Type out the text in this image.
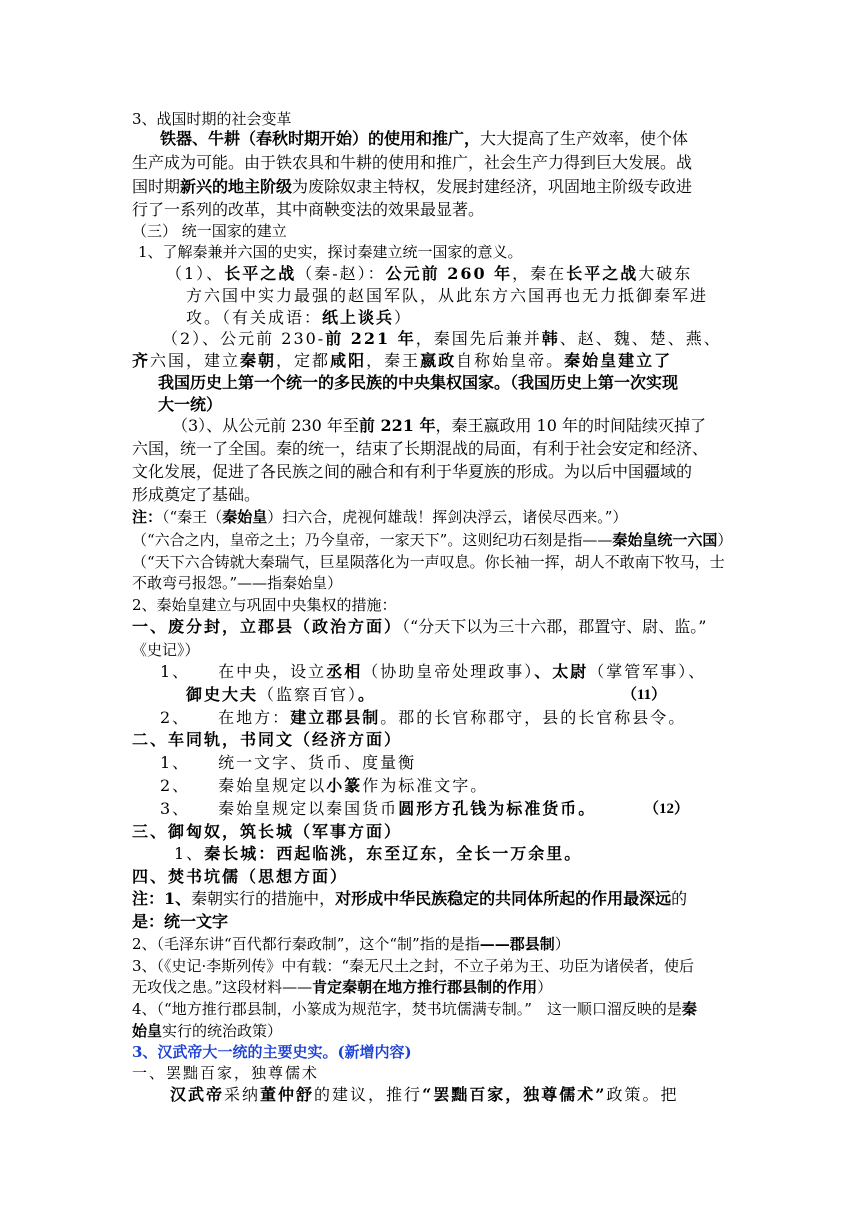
3、战国时期的社会变革
铁器、牛耕（春秋时期开始）的使用和推广，大大提高了生产效率，使个体
生产成为可能。由于铁农具和牛耕的使用和推广，社会生产力得到巨大发展。战
国时期新兴的地主阶级为废除奴隶主特权，发展封建经济，巩固地主阶级专政进
行了一系列的改革，其中商鞅变法的效果最显著。
（三） 统一国家的建立
1、了解秦兼并六国的史实，探讨秦建立统一国家的意义。
（1）、长平之战（秦-赵）：公元前 260 年，秦在长平之战大破东
方六国中实力最强的赵国军队，从此东方六国再也无力抵御秦军进
攻。（有关成语：纸上谈兵）
（2）、公元前 230-前 221 年，秦国先后兼并韩、赵、魏、楚、燕、
齐六国，建立秦朝，定都咸阳，秦王嬴政自称始皇帝。秦始皇建立了
我国历史上第一个统一的多民族的中央集权国家。（我国历史上第一次实现
大一统）
（3）、从公元前 230 年至前 221 年，秦王嬴政用 10 年的时间陆续灭掉了
六国，统一了全国。秦的统一，结束了长期混战的局面，有利于社会安定和经济、
文化发展，促进了各民族之间的融合和有利于华夏族的形成。为以后中国疆域的
形成奠定了基础。
注：（“秦王（秦始皇）扫六合，虎视何雄哉！挥剑决浮云，诸侯尽西来。”）
（“六合之内，皇帝之土；乃今皇帝，一家天下”。这则纪功石刻是指——秦始皇统一六国）
（“天下六合铸就大秦瑞气，巨星陨落化为一声叹息。你长袖一挥，胡人不敢南下牧马，士
不敢弯弓报怨。”——指秦始皇）
2、秦始皇建立与巩固中央集权的措施：
一、废分封，立郡县（政治方面）（“分天下以为三十六郡，郡置守、尉、监。”
《史记》）
1、　　在中央，设立丞相（协助皇帝处理政事）、太尉（掌管军事）、
御史大夫（监察百官）。	（11）
2、　　在地方：建立郡县制。郡的长官称郡守，县的长官称县令。
二、车同轨，书同文（经济方面）
1、　　统一文字、货币、度量衡
2、　　秦始皇规定以小篆作为标准文字。
3、　　秦始皇规定以秦国货币圆形方孔钱为标准货币。	（12）
三、御匈奴，筑长城（军事方面）
1、秦长城：西起临洮，东至辽东，全长一万余里。
四、焚书坑儒（思想方面）
注：1、秦朝实行的措施中，对形成中华民族稳定的共同体所起的作用最深远的
是：统一文字
2、（毛泽东讲“百代都行秦政制”，这个“制”指的是指——郡县制）
3、（《史记·李斯列传》中有载：“秦无尺土之封，不立子弟为王、功臣为诸侯者，使后
无攻伐之患。”这段材料——肯定秦朝在地方推行郡县制的作用）
4、（“地方推行郡县制，小篆成为规范字，焚书坑儒满专制。”　这一顺口溜反映的是秦
始皇实行的统治政策）
3、汉武帝大一统的主要史实。(新增内容)
一、罢黜百家，独尊儒术
汉武帝采纳董仲舒的建议，推行“罢黜百家，独尊儒术”政策。把
